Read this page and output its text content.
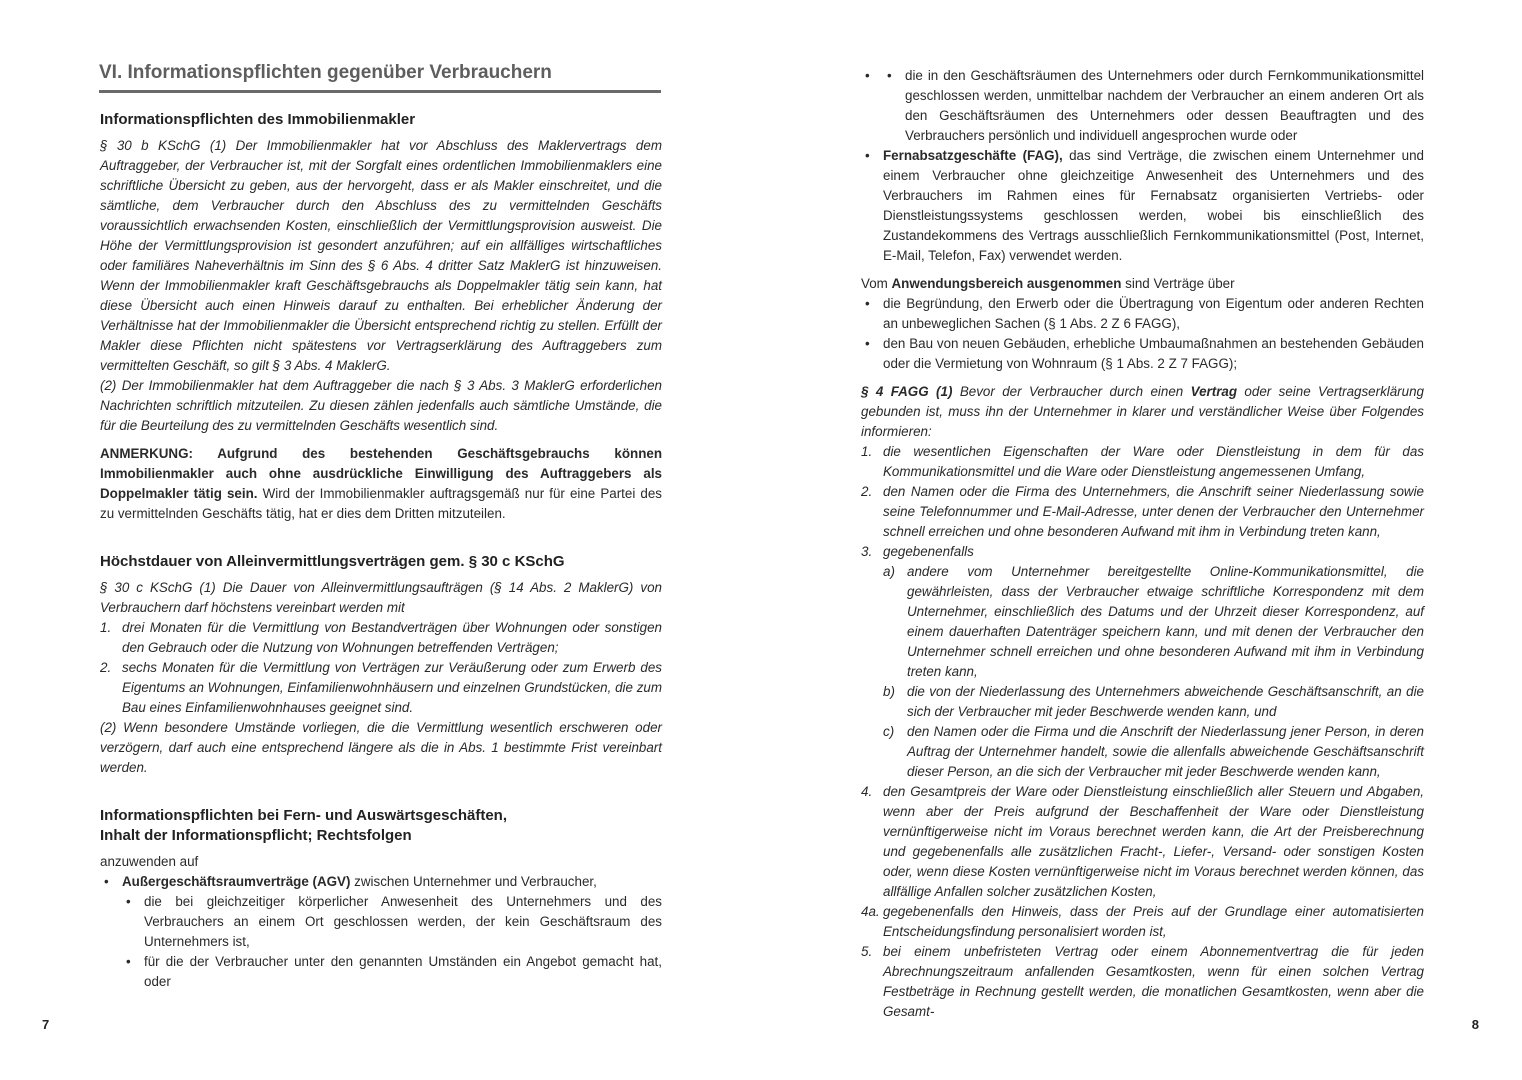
VI. Informationspflichten gegenüber Verbrauchern
Informationspflichten des Immobilienmakler

§ 30 b KSchG (1) Der Immobilienmakler hat vor Abschluss des Maklervertrags dem Auftraggeber, der Verbraucher ist, mit der Sorgfalt eines ordentlichen Immobilienmaklers eine schriftliche Übersicht zu geben, aus der hervorgeht, dass er als Makler einschreitet, und die sämtliche, dem Verbraucher durch den Abschluss des zu vermittelnden Geschäfts voraussichtlich erwachsenden Kosten, einschließlich der Vermittlungsprovision ausweist. Die Höhe der Vermittlungsprovision ist gesondert anzuführen; auf ein allfälliges wirtschaftliches oder familiäres Naheverhältnis im Sinn des § 6 Abs. 4 dritter Satz MaklerG ist hinzuweisen. Wenn der Immobilienmakler kraft Geschäftsgebrauchs als Doppelmakler tätig sein kann, hat diese Übersicht auch einen Hinweis darauf zu enthalten. Bei erheblicher Änderung der Verhältnisse hat der Immobilienmakler die Übersicht entsprechend richtig zu stellen. Erfüllt der Makler diese Pflichten nicht spätestens vor Vertragserklärung des Auftraggebers zum vermittelten Geschäft, so gilt § 3 Abs. 4 MaklerG.

(2) Der Immobilienmakler hat dem Auftraggeber die nach § 3 Abs. 3 MaklerG erforderlichen Nachrichten schriftlich mitzuteilen. Zu diesen zählen jedenfalls auch sämtliche Umstände, die für die Beurteilung des zu vermittelnden Geschäfts wesentlich sind.

ANMERKUNG: Aufgrund des bestehenden Geschäftsgebrauchs können Immobilienmakler auch ohne ausdrückliche Einwilligung des Auftraggebers als Doppelmakler tätig sein. Wird der Immobilienmakler auftragsgemäß nur für eine Partei des zu vermittelnden Geschäfts tätig, hat er dies dem Dritten mitzuteilen.

Höchstdauer von Alleinvermittlungsverträgen gem. § 30 c KSchG

§ 30 c KSchG (1) Die Dauer von Alleinvermittlungsaufträgen (§ 14 Abs. 2 MaklerG) von Verbrauchern darf höchstens vereinbart werden mit

1. drei Monaten für die Vermittlung von Bestandverträgen über Wohnungen oder sonstigen den Gebrauch oder die Nutzung von Wohnungen betreffenden Verträgen;
2. sechs Monaten für die Vermittlung von Verträgen zur Veräußerung oder zum Erwerb des Eigentums an Wohnungen, Einfamilienwohnhäusern und einzelnen Grundstücken, die zum Bau eines Einfamilienwohnhauses geeignet sind.

(2) Wenn besondere Umstände vorliegen, die die Vermittlung wesentlich erschweren oder verzögern, darf auch eine entsprechend längere als die in Abs. 1 bestimmte Frist vereinbart werden.

Informationspflichten bei Fern- und Auswärtsgeschäften,
Inhalt der Informationspflicht; Rechtsfolgen

anzuwenden auf

• Außergeschäftsraumverträge (AGV) zwischen Unternehmer und Verbraucher,
• die bei gleichzeitiger körperlicher Anwesenheit des Unternehmers und des Verbrauchers an einem Ort geschlossen werden, der kein Geschäftsraum des Unternehmers ist,
• für die der Verbraucher unter den genannten Umständen ein Angebot gemacht hat, oder
7
• • die in den Geschäftsräumen des Unternehmers oder durch Fernkommunikationsmittel geschlossen werden, unmittelbar nachdem der Verbraucher an einem anderen Ort als den Geschäftsräumen des Unternehmers oder dessen Beauftragten und des Verbrauchers persönlich und individuell angesprochen wurde oder
• Fernabsatzgeschäfte (FAG), das sind Verträge, die zwischen einem Unternehmer und einem Verbraucher ohne gleichzeitige Anwesenheit des Unternehmers und des Verbrauchers im Rahmen eines für Fernabsatz organisierten Vertriebs- oder Dienstleistungssystems geschlossen werden, wobei bis einschließlich des Zustandekommens des Vertrags ausschließlich Fernkommunikationsmittel (Post, Internet, E-Mail, Telefon, Fax) verwendet werden.

Vom Anwendungsbereich ausgenommen sind Verträge über

• die Begründung, den Erwerb oder die Übertragung von Eigentum oder anderen Rechten an unbeweglichen Sachen (§ 1 Abs. 2 Z 6 FAGG),
• den Bau von neuen Gebäuden, erhebliche Umbaumaßnahmen an bestehenden Gebäuden oder die Vermietung von Wohnraum (§ 1 Abs. 2 Z 7 FAGG);

§ 4 FAGG (1) Bevor der Verbraucher durch einen Vertrag oder seine Vertragserklärung gebunden ist, muss ihn der Unternehmer in klarer und verständlicher Weise über Folgendes informieren:

1. die wesentlichen Eigenschaften der Ware oder Dienstleistung in dem für das Kommunikationsmittel und die Ware oder Dienstleistung angemessenen Umfang,
2. den Namen oder die Firma des Unternehmers, die Anschrift seiner Niederlassung sowie seine Telefonnummer und E-Mail-Adresse, unter denen der Verbraucher den Unternehmer schnell erreichen und ohne besonderen Aufwand mit ihm in Verbindung treten kann,
3. gegebenenfalls
a) andere vom Unternehmer bereitgestellte Online-Kommunikationsmittel, die gewährleisten, dass der Verbraucher etwaige schriftliche Korrespondenz mit dem Unternehmer, einschließlich des Datums und der Uhrzeit dieser Korrespondenz, auf einem dauerhaften Datenträger speichern kann, und mit denen der Verbraucher den Unternehmer schnell erreichen und ohne besonderen Aufwand mit ihm in Verbindung treten kann,
b) die von der Niederlassung des Unternehmers abweichende Geschäftsanschrift, an die sich der Verbraucher mit jeder Beschwerde wenden kann, und
c) den Namen oder die Firma und die Anschrift der Niederlassung jener Person, in deren Auftrag der Unternehmer handelt, sowie die allenfalls abweichende Geschäftsanschrift dieser Person, an die sich der Verbraucher mit jeder Beschwerde wenden kann,
4. den Gesamtpreis der Ware oder Dienstleistung einschließlich aller Steuern und Abgaben, wenn aber der Preis aufgrund der Beschaffenheit der Ware oder Dienstleistung vernünftigerweise nicht im Voraus berechnet werden kann, die Art der Preisberechnung und gegebenenfalls alle zusätzlichen Fracht-, Liefer-, Versand- oder sonstigen Kosten oder, wenn diese Kosten vernünftigerweise nicht im Voraus berechnet werden können, das allfällige Anfallen solcher zusätzlichen Kosten,
4a. gegebenenfalls den Hinweis, dass der Preis auf der Grundlage einer automatisierten Entscheidungsfindung personalisiert worden ist,
5. bei einem unbefristeten Vertrag oder einem Abonnementvertrag die für jeden Abrechnungszeitraum anfallenden Gesamtkosten, wenn für einen solchen Vertrag Festbeträge in Rechnung gestellt werden, die monatlichen Gesamtkosten, wenn aber die Gesamt-
8
